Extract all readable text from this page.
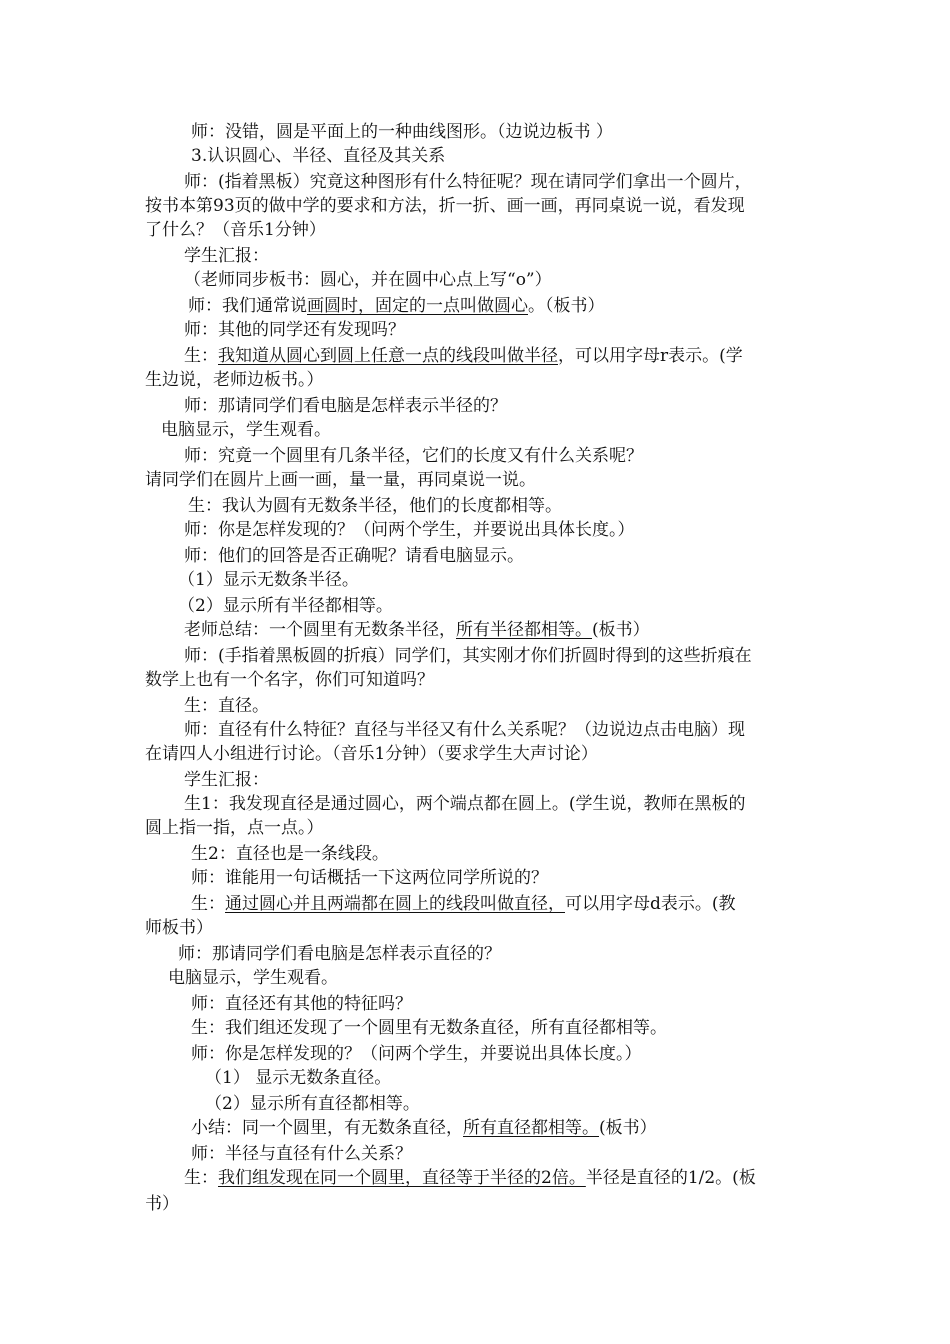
师：没错，圆是平面上的一种曲线图形。（边说边板书 ）
3.认识圆心、半径、直径及其关系
师：(指着黑板）究竟这种图形有什么特征呢？现在请同学们拿出一个圆片，
按书本第93页的做中学的要求和方法，折一折、画一画，再同桌说一说，看发现
了什么？（音乐1分钟）
学生汇报：
（老师同步板书：圆心，并在圆中心点上写“o”）
师：我们通常说画圆时，固定的一点叫做圆心。（板书）
师：其他的同学还有发现吗？
生：我知道从圆心到圆上任意一点的线段叫做半径，可以用字母r表示。(学
生边说，老师边板书。）
师：那请同学们看电脑是怎样表示半径的？
电脑显示，学生观看。
师：究竟一个圆里有几条半径，它们的长度又有什么关系呢？
请同学们在圆片上画一画，量一量，再同桌说一说。
生：我认为圆有无数条半径，他们的长度都相等。
师：你是怎样发现的？（问两个学生，并要说出具体长度。）
师：他们的回答是否正确呢？请看电脑显示。
（1）显示无数条半径。
（2）显示所有半径都相等。
老师总结：一个圆里有无数条半径，所有半径都相等。(板书）
师：(手指着黑板圆的折痕）同学们，其实刚才你们折圆时得到的这些折痕在
数学上也有一个名字，你们可知道吗？
生：直径。
师：直径有什么特征？直径与半径又有什么关系呢？（边说边点击电脑）现
在请四人小组进行讨论。（音乐1分钟）（要求学生大声讨论）
学生汇报：
生1：我发现直径是通过圆心，两个端点都在圆上。(学生说，教师在黑板的
圆上指一指，点一点。）
生2：直径也是一条线段。
师：谁能用一句话概括一下这两位同学所说的？
生：通过圆心并且两端都在圆上的线段叫做直径，可以用字母d表示。(教
师板书）
师：那请同学们看电脑是怎样表示直径的？
电脑显示，学生观看。
师：直径还有其他的特征吗？
生：我们组还发现了一个圆里有无数条直径，所有直径都相等。
师：你是怎样发现的？（问两个学生，并要说出具体长度。）
（1） 显示无数条直径。
（2）显示所有直径都相等。
小结：同一个圆里，有无数条直径，所有直径都相等。(板书）
师：半径与直径有什么关系？
生：我们组发现在同一个圆里，直径等于半径的2倍。半径是直径的1/2。(板
书）
